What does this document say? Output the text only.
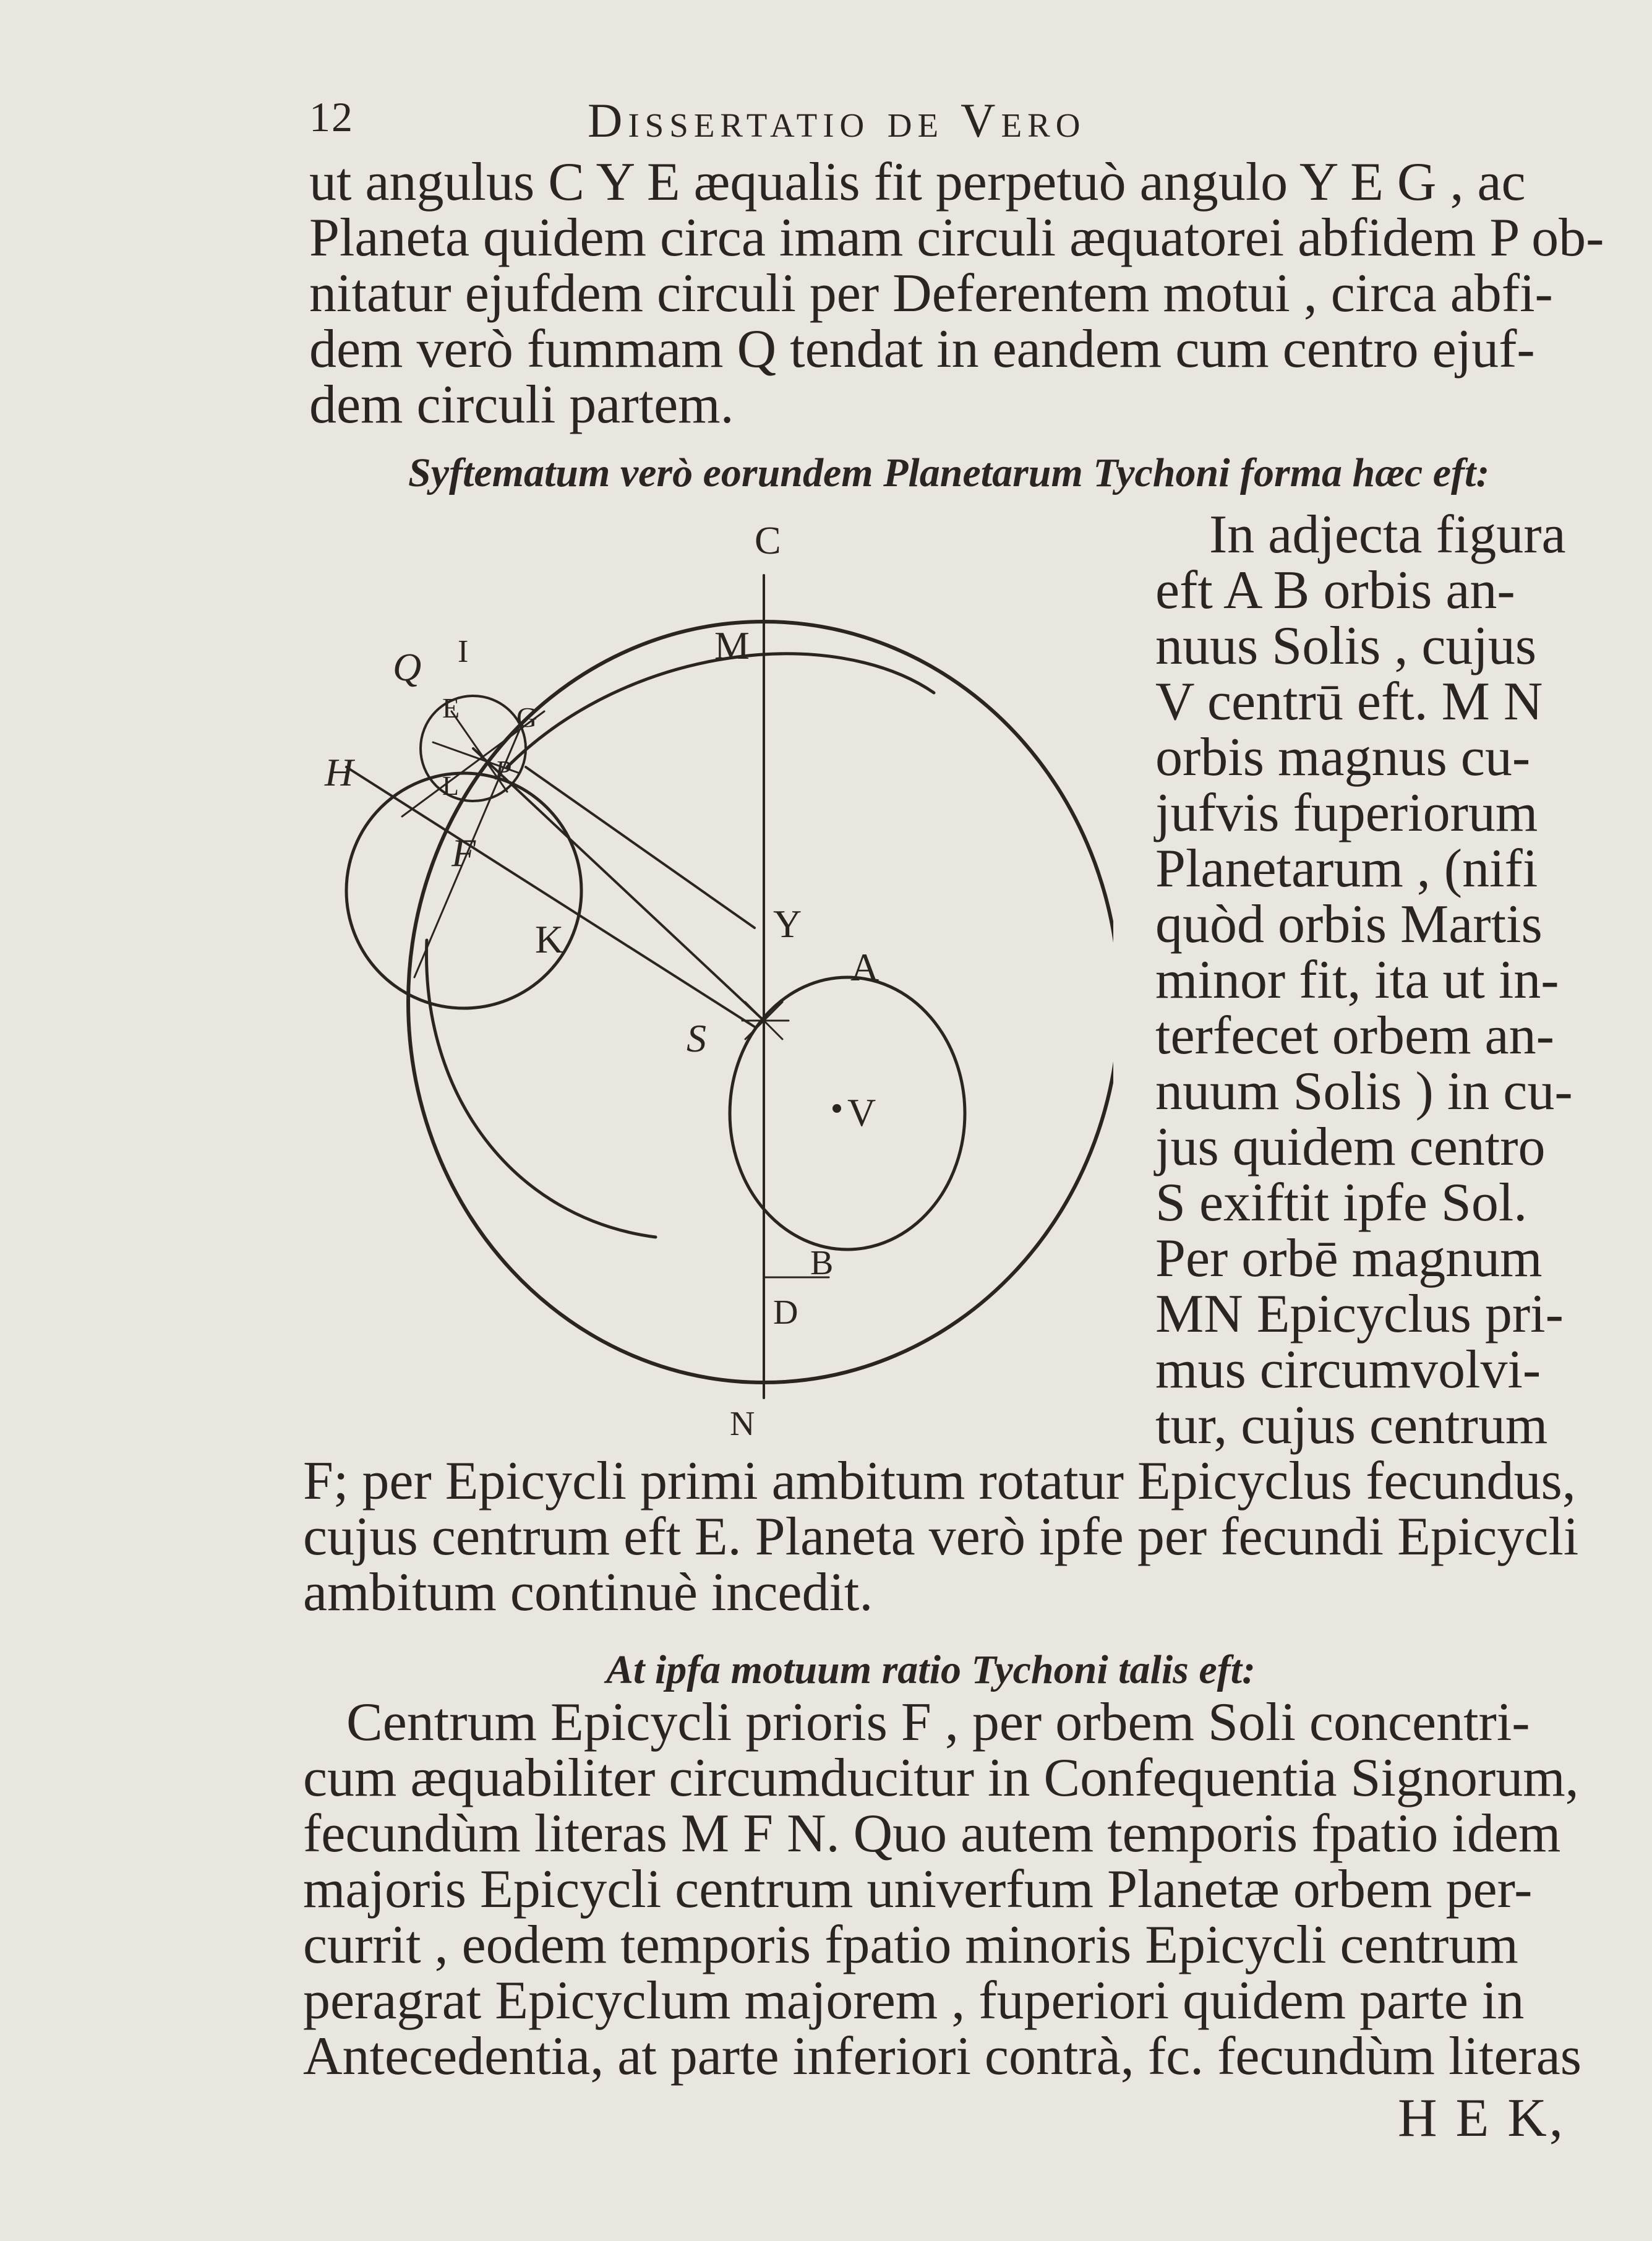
12	Dissertatio de Vero

ut angulus C Y E æqualis fit perpetuò angulo Y E G , ac

Planeta quidem circa imam circuli æquatorei abfidem P ob-

nitatur ejufdem circuli per Deferentem motui , circa abfi-

dem verò fummam Q tendat in eandem cum centro ejuf-

dem circuli partem.

Syftematum verò eorundem Planetarum Tychoni forma hæc eft:

C
M
Q I
E G
H	L
P
F
K	Y
A
S
V
B
D
N

In adjecta figura

eft A B orbis an-

nuus Solis , cujus

V centrū eft. M N

orbis magnus cu-

jufvis fuperiorum

Planetarum , (nifi

quòd orbis Martis

minor fit, ita ut in-

terfecet orbem an-

nuum Solis ) in cu-

jus quidem centro

S exiftit ipfe Sol.

Per orbē magnum

MN Epicyclus pri-

mus circumvolvi-

tur, cujus centrum

F; per Epicycli primi ambitum rotatur Epicyclus fecundus,

cujus centrum eft E. Planeta verò ipfe per fecundi Epicycli

ambitum continuè incedit.

At ipfa motuum ratio Tychoni talis eft:

Centrum Epicycli prioris F , per orbem Soli concentri-

cum æquabiliter circumducitur in Confequentia Signorum,

fecundùm literas M F N. Quo autem temporis fpatio idem

majoris Epicycli centrum univerfum Planetæ orbem per-

currit , eodem temporis fpatio minoris Epicycli centrum

peragrat Epicyclum majorem , fuperiori quidem parte in

Antecedentia, at parte inferiori contrà, fc. fecundùm literas

H E K,
